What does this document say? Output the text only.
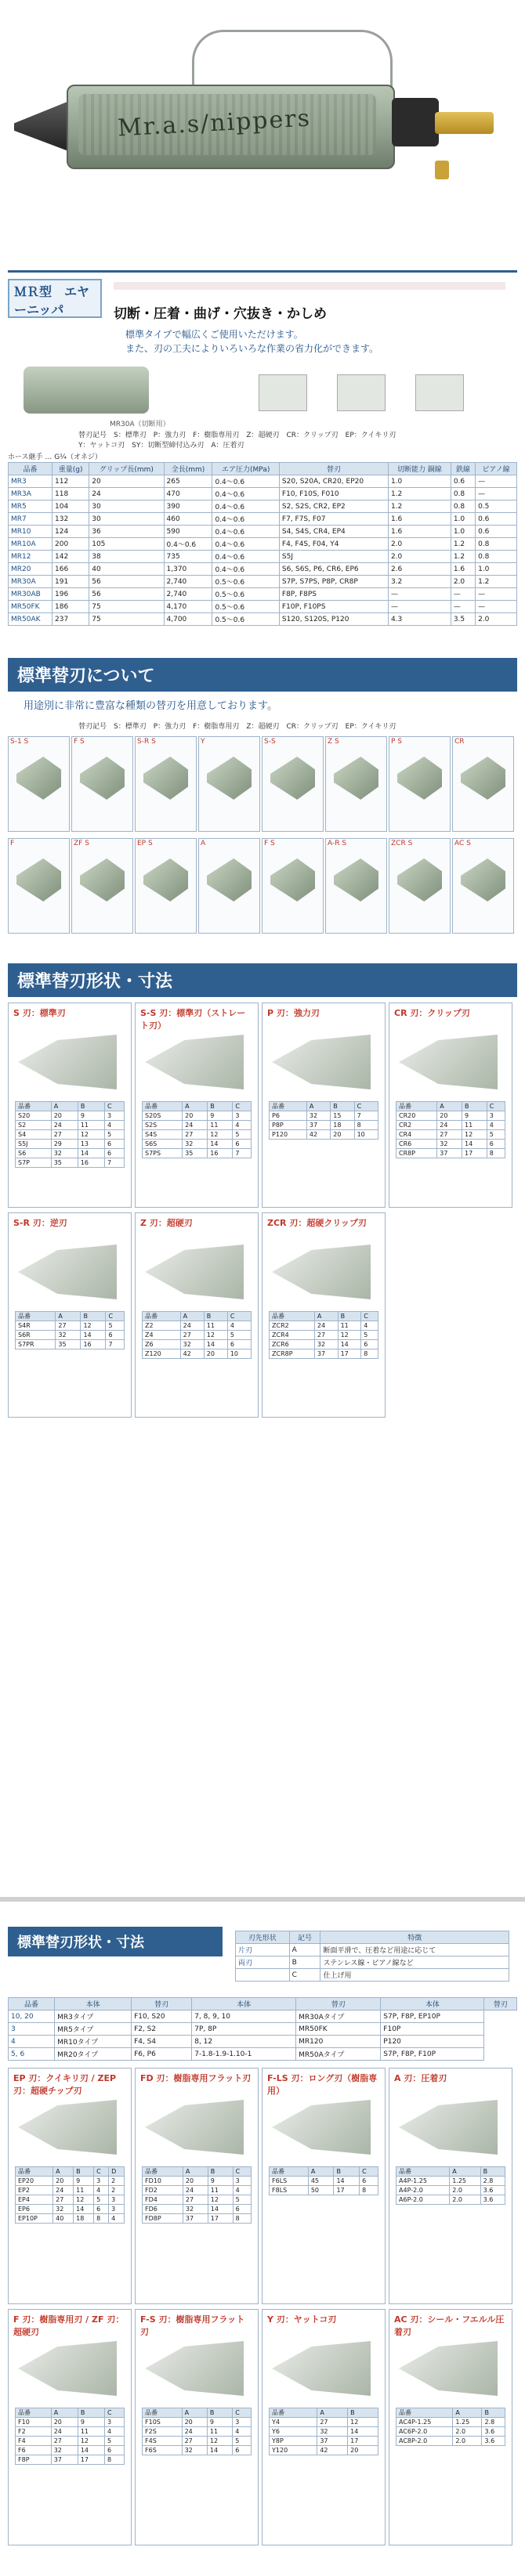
Mr.a.s/nippers
ＭＲ型　エヤーニッパ	切断・圧着・曲げ・穴抜き・かしめ
標準タイプで幅広くご使用いただけます。
また、刃の工夫によりいろいろな作業の省力化ができます。
MR30A（切断用）
替刃記号　S：標準刃　P：強力刃　F：樹脂専用刃　Z：超硬刃　CR：クリップ刃　EP：クイキリ刃
Y：ヤットコ刃　SY：切断型締付込み刃　A：圧着刃
ホース継手 … G¼（オネジ）
品番	重量(g)	グリップ長(mm)	全長(mm)	エア圧力(MPa)	替刃	切断能力 銅線	鉄線	ピアノ線
MR3	112	20	265	0.4〜0.6	S20, S20A, CR20, EP20	1.0	0.6	—
MR3A	118	24	470	0.4〜0.6	F10, F10S, F010	1.2	0.8	—
MR5	104	30	390	0.4〜0.6	S2, S2S, CR2, EP2	1.2	0.8	0.5
MR7	132	30	460	0.4〜0.6	F7, F7S, F07	1.6	1.0	0.6
MR10	124	36	590	0.4〜0.6	S4, S4S, CR4, EP4	1.6	1.0	0.6
MR10A	200	105	0.4〜0.6	0.4〜0.6	F4, F4S, F04, Y4	2.0	1.2	0.8
MR12	142	38	735	0.4〜0.6	S5J	2.0	1.2	0.8
MR20	166	40	1,370	0.4〜0.6	S6, S6S, P6, CR6, EP6	2.6	1.6	1.0
MR30A	191	56	2,740	0.5〜0.6	S7P, S7PS, P8P, CR8P	3.2	2.0	1.2
MR30AB	196	56	2,740	0.5〜0.6	F8P, F8PS	—	—	—
MR50FK	186	75	4,170	0.5〜0.6	F10P, F10PS	—	—	—
MR50AK	237	75	4,700	0.5〜0.6	S120, S120S, P120	4.3	3.5	2.0
標準替刃について
用途別に非常に豊富な種類の替刃を用意しております。
替刃記号　S：標準刃　P：強力刃　F：樹脂専用刃　Z：超硬刃　CR：クリップ刃　EP：クイキリ刃
S-1 S	F S	S-R S	Y	S-S	Z S	P S	CR
F	ZF S	EP S	A	F S	A-R S	ZCR S	AC S
標準替刃形状・寸法
S 刃：標準刃
品番	A	B	C
S20	20	9	3
S2	24	11	4
S4	27	12	5
S5J	29	13	6
S6	32	14	6
S7P	35	16	7
S-S 刃：標準刃（ストレート刃）
品番	A	B	C
S20S	20	9	3
S2S	24	11	4
S4S	27	12	5
S6S	32	14	6
S7PS	35	16	7
P 刃：強力刃
品番	A	B	C
P6	32	15	7
P8P	37	18	8
P120	42	20	10
CR 刃：クリップ刃
品番	A	B	C
CR20	20	9	3
CR2	24	11	4
CR4	27	12	5
CR6	32	14	6
CR8P	37	17	8
S-R 刃：逆刃
品番	A	B	C
S4R	27	12	5
S6R	32	14	6
S7PR	35	16	7
Z 刃：超硬刃
品番	A	B	C
Z2	24	11	4
Z4	27	12	5
Z6	32	14	6
Z120	42	20	10
ZCR 刃：超硬クリップ刃
品番	A	B	C
ZCR2	24	11	4
ZCR4	27	12	5
ZCR6	32	14	6
ZCR8P	37	17	8
標準替刃形状・寸法	刃先形状	記号	特徴
片刃	A	断面平滑で、圧着など用途に応じて
両刃	B	ステンレス線・ピアノ線など
	C	仕上げ用
品番	本体	替刃	本体	替刃	本体	替刃
10, 20	MR3タイプ	F10, S20	7, 8, 9, 10	MR30Aタイプ	S7P, F8P, EP10P	
3	MR5タイプ	F2, S2	7P, 8P	MR50FK	F10P	
4	MR10タイプ	F4, S4	8, 12	MR120	P120	
5, 6	MR20タイプ	F6, P6	7-1.8-1.9-1.10-1	MR50Aタイプ	S7P, F8P, F10P	
EP 刃：クイキリ刃 / ZEP 刃：超硬チップ刃
品番	A	B	C	D
EP20	20	9	3	2
EP2	24	11	4	2
EP4	27	12	5	3
EP6	32	14	6	3
EP10P	40	18	8	4
FD 刃：樹脂専用フラット刃
品番	A	B	C
FD10	20	9	3
FD2	24	11	4
FD4	27	12	5
FD6	32	14	6
FD8P	37	17	8
F-LS 刃：ロング刃（樹脂専用）
品番	A	B	C
F6LS	45	14	6
F8LS	50	17	8
A 刃：圧着刃
品番	A	B
A4P-1.25	1.25	2.8
A4P-2.0	2.0	3.6
A6P-2.0	2.0	3.6
F 刃：樹脂専用刃 / ZF 刃：超硬刃
品番	A	B	C
F10	20	9	3
F2	24	11	4
F4	27	12	5
F6	32	14	6
F8P	37	17	8
F-S 刃：樹脂専用フラット刃
品番	A	B	C
F10S	20	9	3
F2S	24	11	4
F4S	27	12	5
F6S	32	14	6
Y 刃：ヤットコ刃
品番	A	B
Y4	27	12
Y6	32	14
Y8P	37	17
Y120	42	20
AC 刃：シール・フエルル圧着刃
品番	A	B
AC4P-1.25	1.25	2.8
AC6P-2.0	2.0	3.6
AC8P-2.0	2.0	3.6
